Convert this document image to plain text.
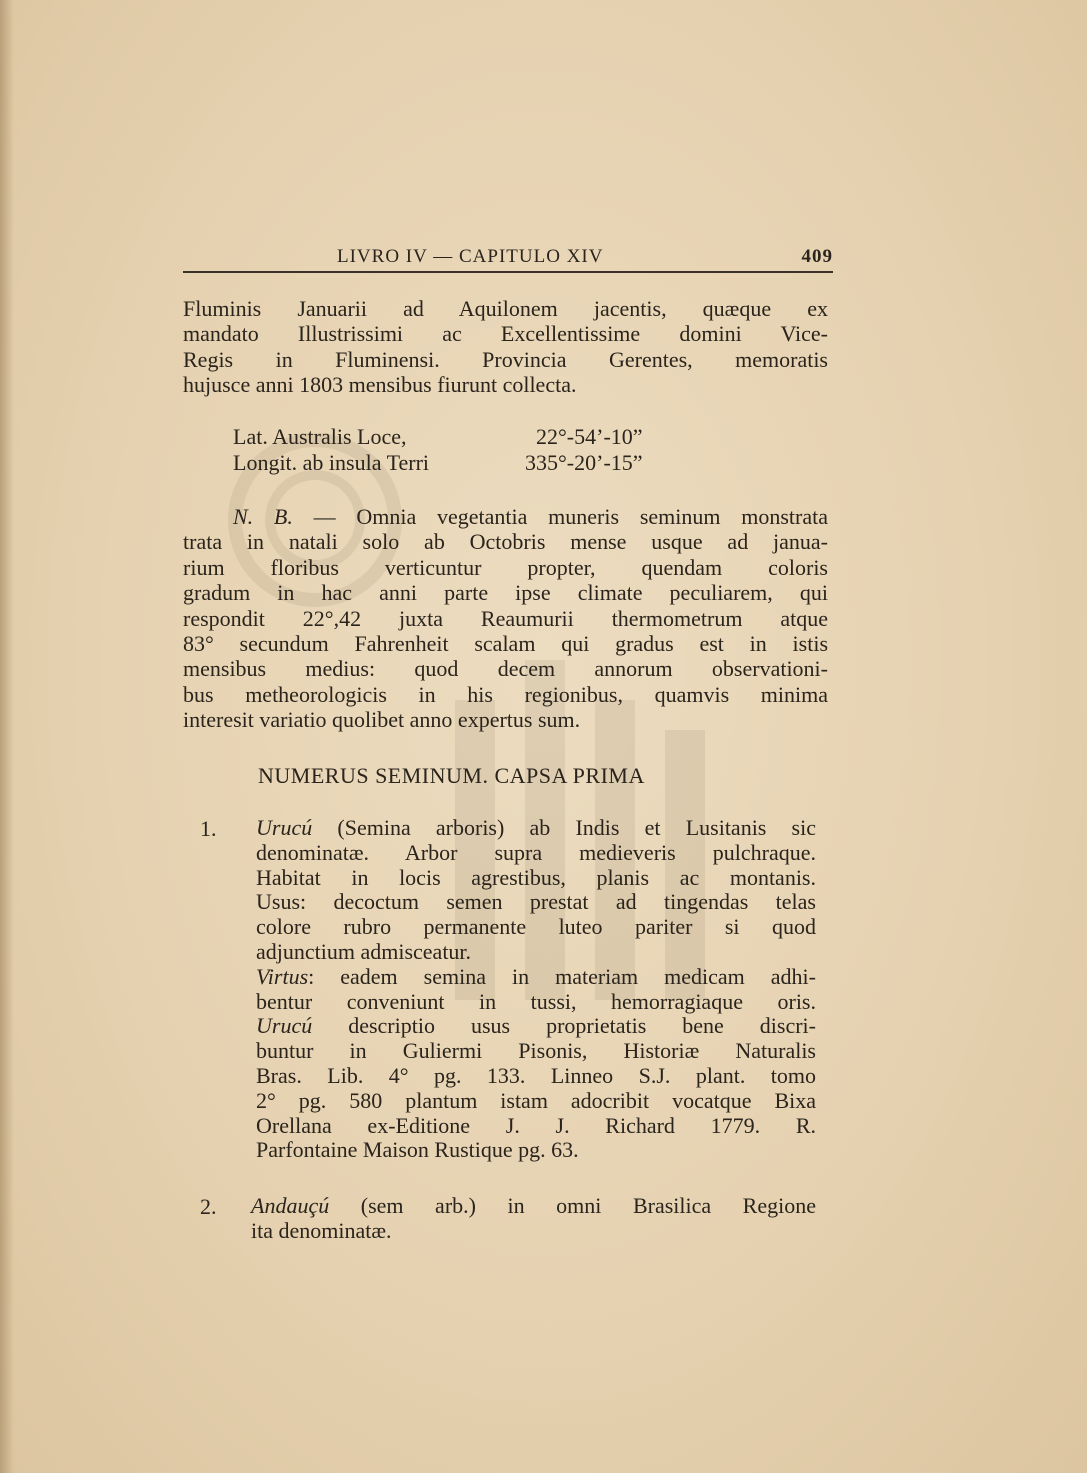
LIVRO IV — CAPITULO XIV	409
Fluminis Januarii ad Aquilonem jacentis, quæque ex
mandato Illustrissimi ac Excellentissime domini Vice-
Regis in Fluminensi. Provincia Gerentes, memoratis
hujusce anni 1803 mensibus fiurunt collecta.
Lat. Australis Loce,	22°-54’-10”
Longit. ab insula Terri	335°-20’-15”
N. B. — Omnia vegetantia muneris seminum monstrata
trata in natali solo ab Octobris mense usque ad janua-
rium floribus verticuntur propter, quendam coloris
gradum in hac anni parte ipse climate peculiarem, qui
respondit 22°,42 juxta Reaumurii thermometrum atque
83° secundum Fahrenheit scalam qui gradus est in istis
mensibus medius: quod decem annorum observationi-
bus metheorologicis in his regionibus, quamvis minima
interesit variatio quolibet anno expertus sum.
NUMERUS SEMINUM. CAPSA PRIMA
1. Urucú (Semina arboris) ab Indis et Lusitanis sic
denominatæ. Arbor supra medieveris pulchraque.
Habitat in locis agrestibus, planis ac montanis.
Usus: decoctum semen prestat ad tingendas telas
colore rubro permanente luteo pariter si quod
adjunctium admisceatur.
Virtus: eadem semina in materiam medicam adhi-
bentur conveniunt in tussi, hemorragiaque oris.
Urucú descriptio usus proprietatis bene discri-
buntur in Guliermi Pisonis, Historiæ Naturalis
Bras. Lib. 4° pg. 133. Linneo S.J. plant. tomo
2° pg. 580 plantum istam adocribit vocatque Bixa
Orellana ex-Editione J. J. Richard 1779. R.
Parfontaine Maison Rustique pg. 63.
2. Andauçú (sem arb.) in omni Brasilica Regione
ita denominatæ.
